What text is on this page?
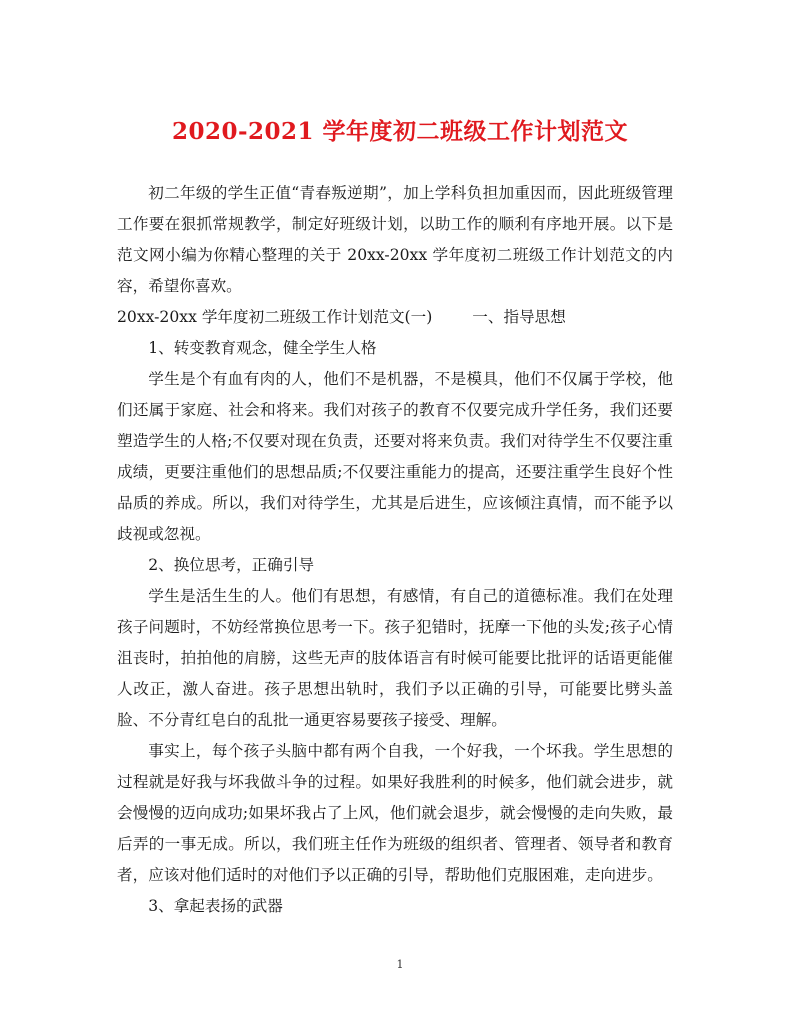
2020-2021 学年度初二班级工作计划范文

初二年级的学生正值“青春叛逆期”，加上学科负担加重因而，因此班级管理工作要在狠抓常规教学，制定好班级计划，以助工作的顺利有序地开展。以下是范文网小编为你精心整理的关于 20xx-20xx 学年度初二班级工作计划范文的内容，希望你喜欢。

20xx-20xx 学年度初二班级工作计划范文(一)	一、指导思想

1、转变教育观念，健全学生人格

学生是个有血有肉的人，他们不是机器，不是模具，他们不仅属于学校，他们还属于家庭、社会和将来。我们对孩子的教育不仅要完成升学任务，我们还要塑造学生的人格;不仅要对现在负责，还要对将来负责。我们对待学生不仅要注重成绩，更要注重他们的思想品质;不仅要注重能力的提高，还要注重学生良好个性品质的养成。所以，我们对待学生，尤其是后进生，应该倾注真情，而不能予以歧视或忽视。

2、换位思考，正确引导

学生是活生生的人。他们有思想，有感情，有自己的道德标准。我们在处理孩子问题时，不妨经常换位思考一下。孩子犯错时，抚摩一下他的头发;孩子心情沮丧时，拍拍他的肩膀，这些无声的肢体语言有时候可能要比批评的话语更能催人改正，激人奋进。孩子思想出轨时，我们予以正确的引导，可能要比劈头盖脸、不分青红皂白的乱批一通更容易要孩子接受、理解。

事实上，每个孩子头脑中都有两个自我，一个好我，一个坏我。学生思想的过程就是好我与坏我做斗争的过程。如果好我胜利的时候多，他们就会进步，就会慢慢的迈向成功;如果坏我占了上风，他们就会退步，就会慢慢的走向失败，最后弄的一事无成。所以，我们班主任作为班级的组织者、管理者、领导者和教育者，应该对他们适时的对他们予以正确的引导，帮助他们克服困难，走向进步。

3、拿起表扬的武器

1
